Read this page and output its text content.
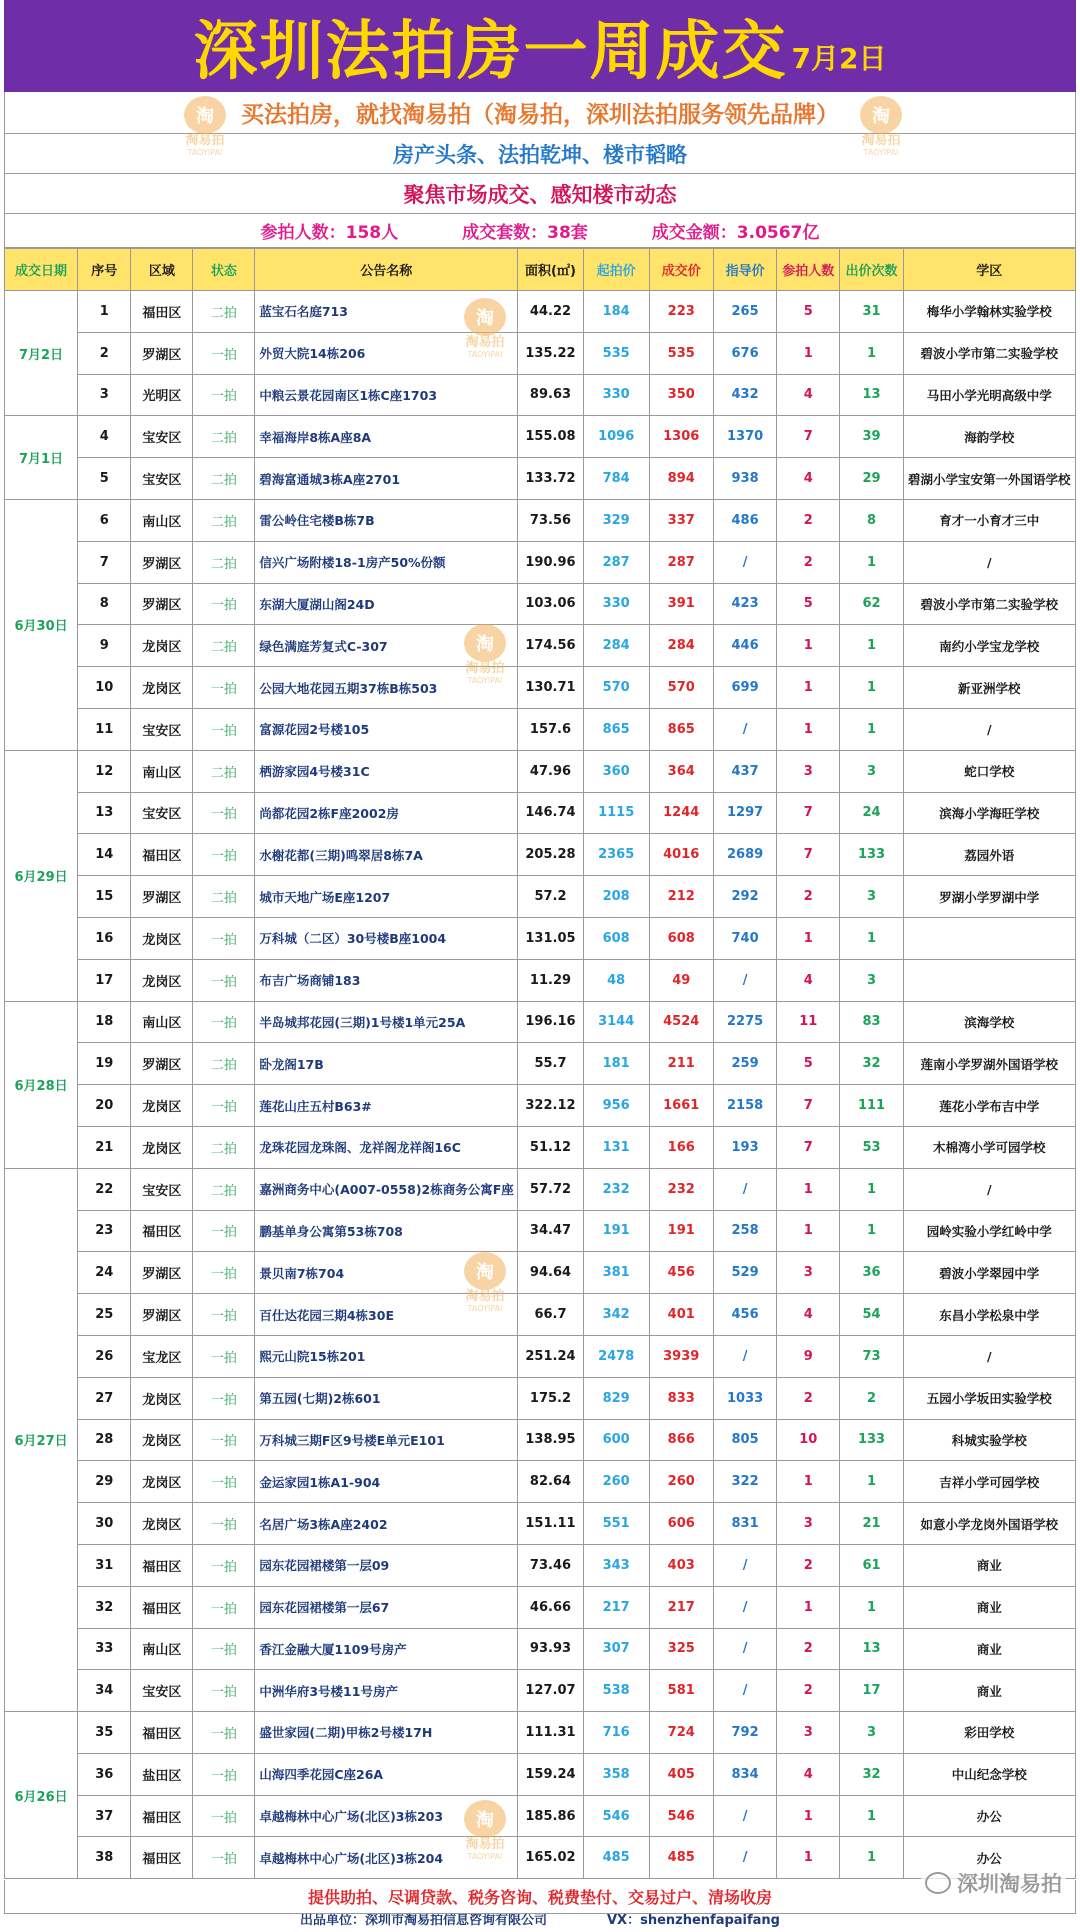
深圳法拍房一周成交 7月2日
买法拍房，就找淘易拍（淘易拍，深圳法拍服务领先品牌）
房产头条、法拍乾坤、楼市韬略
聚焦市场成交、感知楼市动态
参拍人数：158人	成交套数：38套	成交金额：3.0567亿
成交日期	序号	区域	状态	公告名称	面积(㎡)	起拍价	成交价	指导价	参拍人数	出价次数	学区
7月2日	1	福田区	二拍	蓝宝石名庭713	44.22	184	223	265	5	31	梅华小学翰林实验学校
	2	罗湖区	一拍	外贸大院14栋206	135.22	535	535	676	1	1	碧波小学市第二实验学校
	3	光明区	一拍	中粮云景花园南区1栋C座1703	89.63	330	350	432	4	13	马田小学光明高级中学
7月1日	4	宝安区	二拍	幸福海岸8栋A座8A	155.08	1096	1306	1370	7	39	海韵学校
	5	宝安区	二拍	碧海富通城3栋A座2701	133.72	784	894	938	4	29	碧湖小学宝安第一外国语学校
6月30日	6	南山区	二拍	雷公岭住宅楼B栋7B	73.56	329	337	486	2	8	育才一小育才三中
	7	罗湖区	二拍	信兴广场附楼18-1房产50%份额	190.96	287	287	/	2	1	/
	8	罗湖区	一拍	东湖大厦湖山阁24D	103.06	330	391	423	5	62	碧波小学市第二实验学校
	9	龙岗区	二拍	绿色满庭芳复式C-307	174.56	284	284	446	1	1	南约小学宝龙学校
	10	龙岗区	一拍	公园大地花园五期37栋B栋503	130.71	570	570	699	1	1	新亚洲学校
	11	宝安区	一拍	富源花园2号楼105	157.6	865	865	/	1	1	/
6月29日	12	南山区	二拍	栖游家园4号楼31C	47.96	360	364	437	3	3	蛇口学校
	13	宝安区	一拍	尚都花园2栋F座2002房	146.74	1115	1244	1297	7	24	滨海小学海旺学校
	14	福田区	一拍	水榭花都(三期)鸣翠居8栋7A	205.28	2365	4016	2689	7	133	荔园外语
	15	罗湖区	二拍	城市天地广场E座1207	57.2	208	212	292	2	3	罗湖小学罗湖中学
	16	龙岗区	一拍	万科城（二区）30号楼B座1004	131.05	608	608	740	1	1	
	17	龙岗区	一拍	布吉广场商铺183	11.29	48	49	/	4	3	
6月28日	18	南山区	一拍	半岛城邦花园(三期)1号楼1单元25A	196.16	3144	4524	2275	11	83	滨海学校
	19	罗湖区	二拍	卧龙阁17B	55.7	181	211	259	5	32	莲南小学罗湖外国语学校
	20	龙岗区	一拍	莲花山庄五村B63#	322.12	956	1661	2158	7	111	莲花小学布吉中学
	21	龙岗区	二拍	龙珠花园龙珠阁、龙祥阁龙祥阁16C	51.12	131	166	193	7	53	木棉湾小学可园学校
6月27日	22	宝安区	二拍	嘉洲商务中心(A007-0558)2栋商务公寓F座	57.72	232	232	/	1	1	/
	23	福田区	一拍	鹏基单身公寓第53栋708	34.47	191	191	258	1	1	园岭实验小学红岭中学
	24	罗湖区	一拍	景贝南7栋704	94.64	381	456	529	3	36	碧波小学翠园中学
	25	罗湖区	一拍	百仕达花园三期4栋30E	66.7	342	401	456	4	54	东昌小学松泉中学
	26	宝龙区	一拍	熙元山院15栋201	251.24	2478	3939	/	9	73	/
	27	龙岗区	一拍	第五园(七期)2栋601	175.2	829	833	1033	2	2	五园小学坂田实验学校
	28	龙岗区	一拍	万科城三期F区9号楼E单元E101	138.95	600	866	805	10	133	科城实验学校
	29	龙岗区	一拍	金运家园1栋A1-904	82.64	260	260	322	1	1	吉祥小学可园学校
	30	龙岗区	一拍	名居广场3栋A座2402	151.11	551	606	831	3	21	如意小学龙岗外国语学校
	31	福田区	一拍	园东花园裙楼第一层09	73.46	343	403	/	2	61	商业
	32	福田区	一拍	园东花园裙楼第一层67	46.66	217	217	/	1	1	商业
	33	南山区	一拍	香江金融大厦1109号房产	93.93	307	325	/	2	13	商业
	34	宝安区	一拍	中洲华府3号楼11号房产	127.07	538	581	/	2	17	商业
6月26日	35	福田区	一拍	盛世家园(二期)甲栋2号楼17H	111.31	716	724	792	3	3	彩田学校
	36	盐田区	一拍	山海四季花园C座26A	159.24	358	405	834	4	32	中山纪念学校
	37	福田区	一拍	卓越梅林中心广场(北区)3栋203	185.86	546	546	/	1	1	办公
	38	福田区	一拍	卓越梅林中心广场(北区)3栋204	165.02	485	485	/	1	1	办公
淘
淘易拍
TAOYIPAI
淘
淘易拍
TAOYIPAI
淘
淘易拍
TAOYIPAI
淘
淘易拍
TAOYIPAI
淘
淘易拍
TAOYIPAI
淘
淘易拍
TAOYIPAI
提供助拍、尽调贷款、税务咨询、税费垫付、交易过户、清场收房
出品单位：深圳市淘易拍信息咨询有限公司	VX：shenzhenfapaifang
深圳淘易拍
